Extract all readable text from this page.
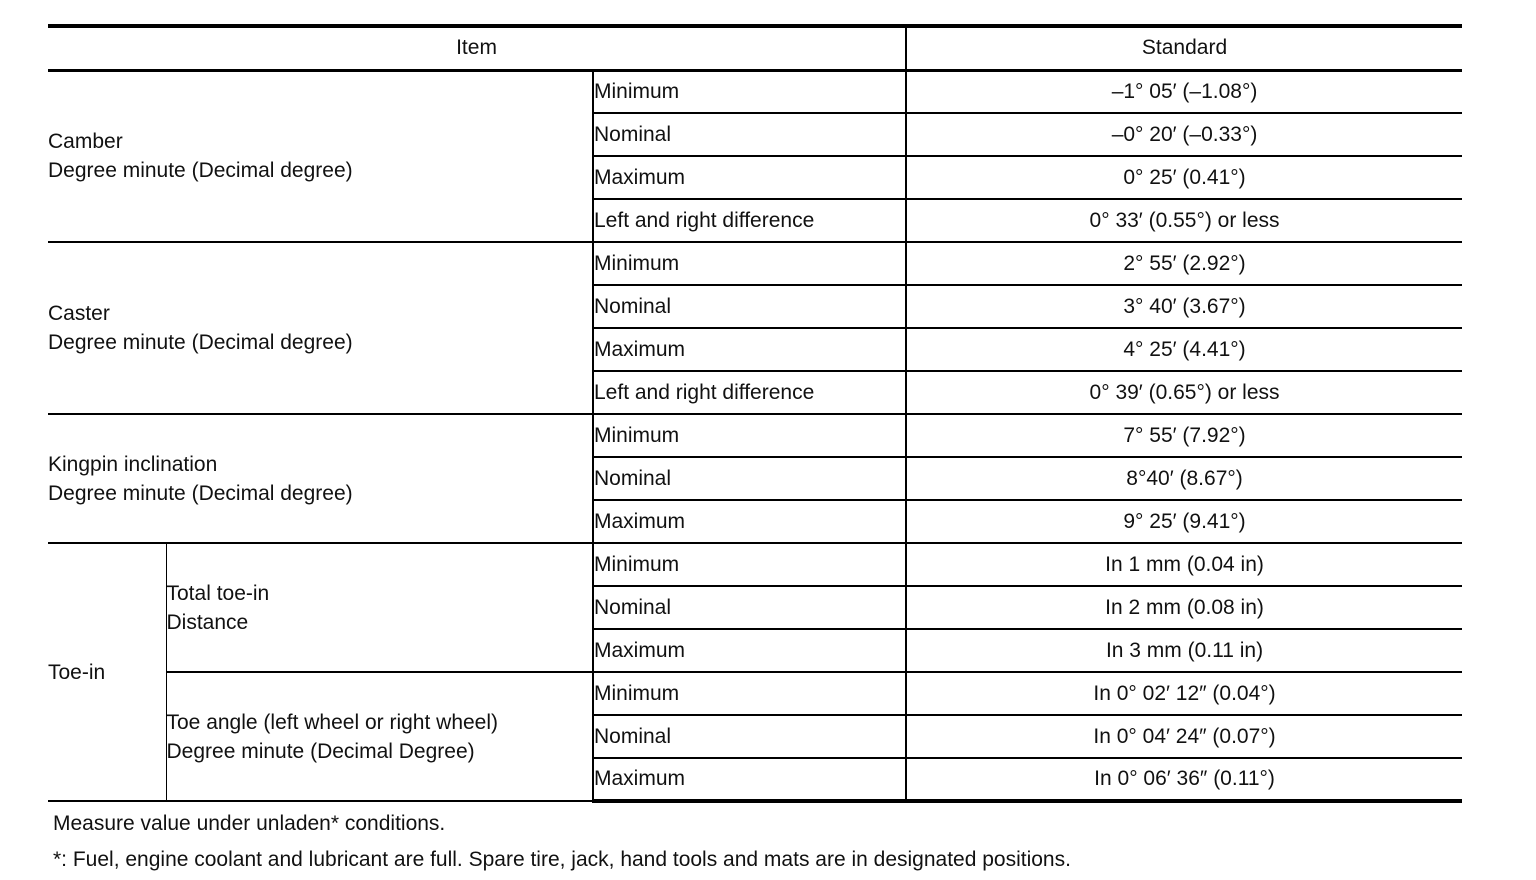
Item			Standard

Camber
Degree minute (Decimal degree)		Minimum	–1° 05′ (–1.08°)
		Nominal	–0° 20′ (–0.33°)
		Maximum	0° 25′ (0.41°)
		Left and right difference	0° 33′ (0.55°) or less

Caster
Degree minute (Decimal degree)		Minimum	2° 55′ (2.92°)
		Nominal	3° 40′ (3.67°)
		Maximum	4° 25′ (4.41°)
		Left and right difference	0° 39′ (0.65°) or less

Kingpin inclination
Degree minute (Decimal degree)		Minimum	7° 55′ (7.92°)
		Nominal	8°40′ (8.67°)
		Maximum	9° 25′ (9.41°)

Toe-in	Total toe-in
Distance	Minimum	In 1 mm (0.04 in)
		Nominal	In 2 mm (0.08 in)
		Maximum	In 3 mm (0.11 in)

	Toe angle (left wheel or right wheel)
Degree minute (Decimal Degree)	Minimum	In 0° 02′ 12″ (0.04°)
		Nominal	In 0° 04′ 24″ (0.07°)
		Maximum	In 0° 06′ 36″ (0.11°)
Measure value under unladen* conditions.
*: Fuel, engine coolant and lubricant are full. Spare tire, jack, hand tools and mats are in designated positions.
